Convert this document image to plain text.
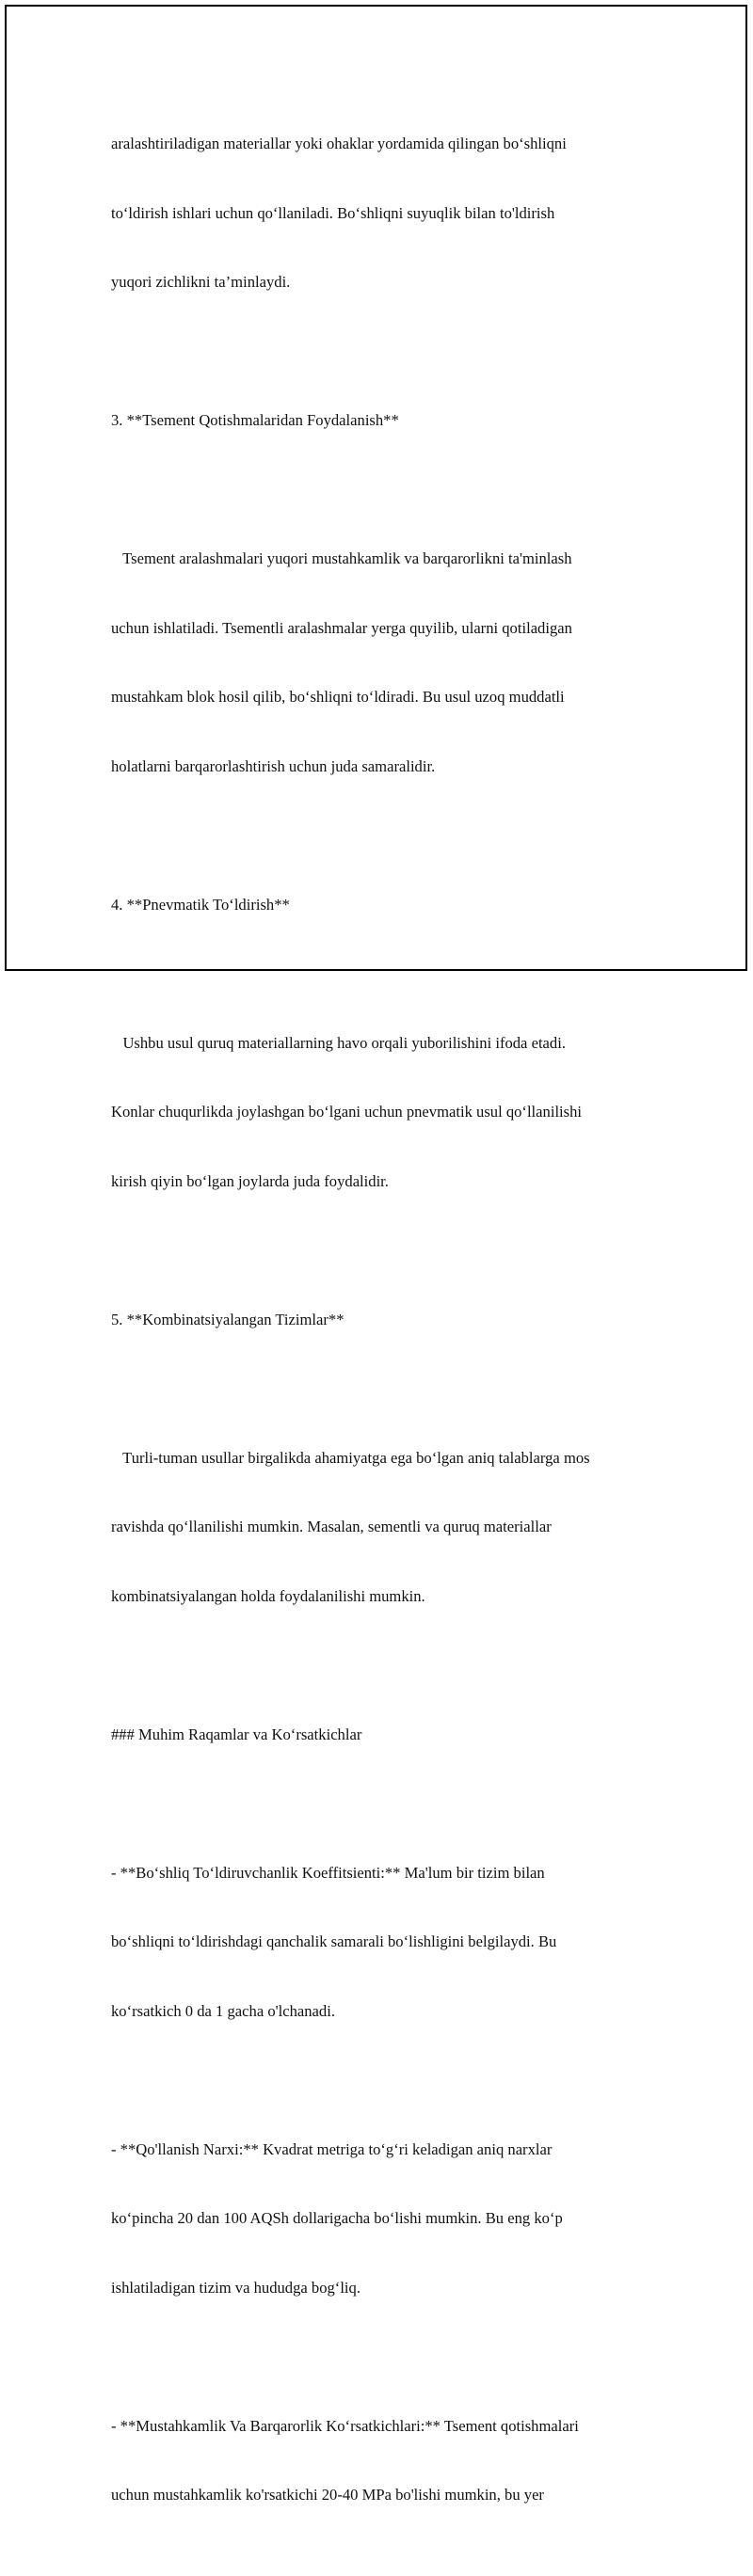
aralashtiriladigan materiallar yoki ohaklar yordamida qilingan bo‘shliqni

to‘ldirish ishlari uchun qo‘llaniladi. Bo‘shliqni suyuqlik bilan to'ldirish

yuqori zichlikni ta’minlaydi.

3. **Tsement Qotishmalaridan Foydalanish**

Tsement aralashmalari yuqori mustahkamlik va barqarorlikni ta'minlash

uchun ishlatiladi. Tsementli aralashmalar yerga quyilib, ularni qotiladigan

mustahkam blok hosil qilib, bo‘shliqni to‘ldiradi. Bu usul uzoq muddatli

holatlarni barqarorlashtirish uchun juda samaralidir.

4. **Pnevmatik To‘ldirish**

Ushbu usul quruq materiallarning havo orqali yuborilishini ifoda etadi.

Konlar chuqurlikda joylashgan bo‘lgani uchun pnevmatik usul qo‘llanilishi

kirish qiyin bo‘lgan joylarda juda foydalidir.

5. **Kombinatsiyalangan Tizimlar**

Turli-tuman usullar birgalikda ahamiyatga ega bo‘lgan aniq talablarga mos

ravishda qo‘llanilishi mumkin. Masalan, sementli va quruq materiallar

kombinatsiyalangan holda foydalanilishi mumkin.

### Muhim Raqamlar va Ko‘rsatkichlar

- **Bo‘shliq To‘ldiruvchanlik Koeffitsienti:** Ma'lum bir tizim bilan

bo‘shliqni to‘ldirishdagi qanchalik samarali bo‘lishligini belgilaydi. Bu

ko‘rsatkich 0 da 1 gacha o'lchanadi.

- **Qo'llanish Narxi:** Kvadrat metriga to‘g‘ri keladigan aniq narxlar

ko‘pincha 20 dan 100 AQSh dollarigacha bo‘lishi mumkin. Bu eng ko‘p

ishlatiladigan tizim va hududga bog‘liq.

- **Mustahkamlik Va Barqarorlik Ko‘rsatkichlari:** Tsement qotishmalari

uchun mustahkamlik ko'rsatkichi 20-40 MPa bo'lishi mumkin, bu yer
